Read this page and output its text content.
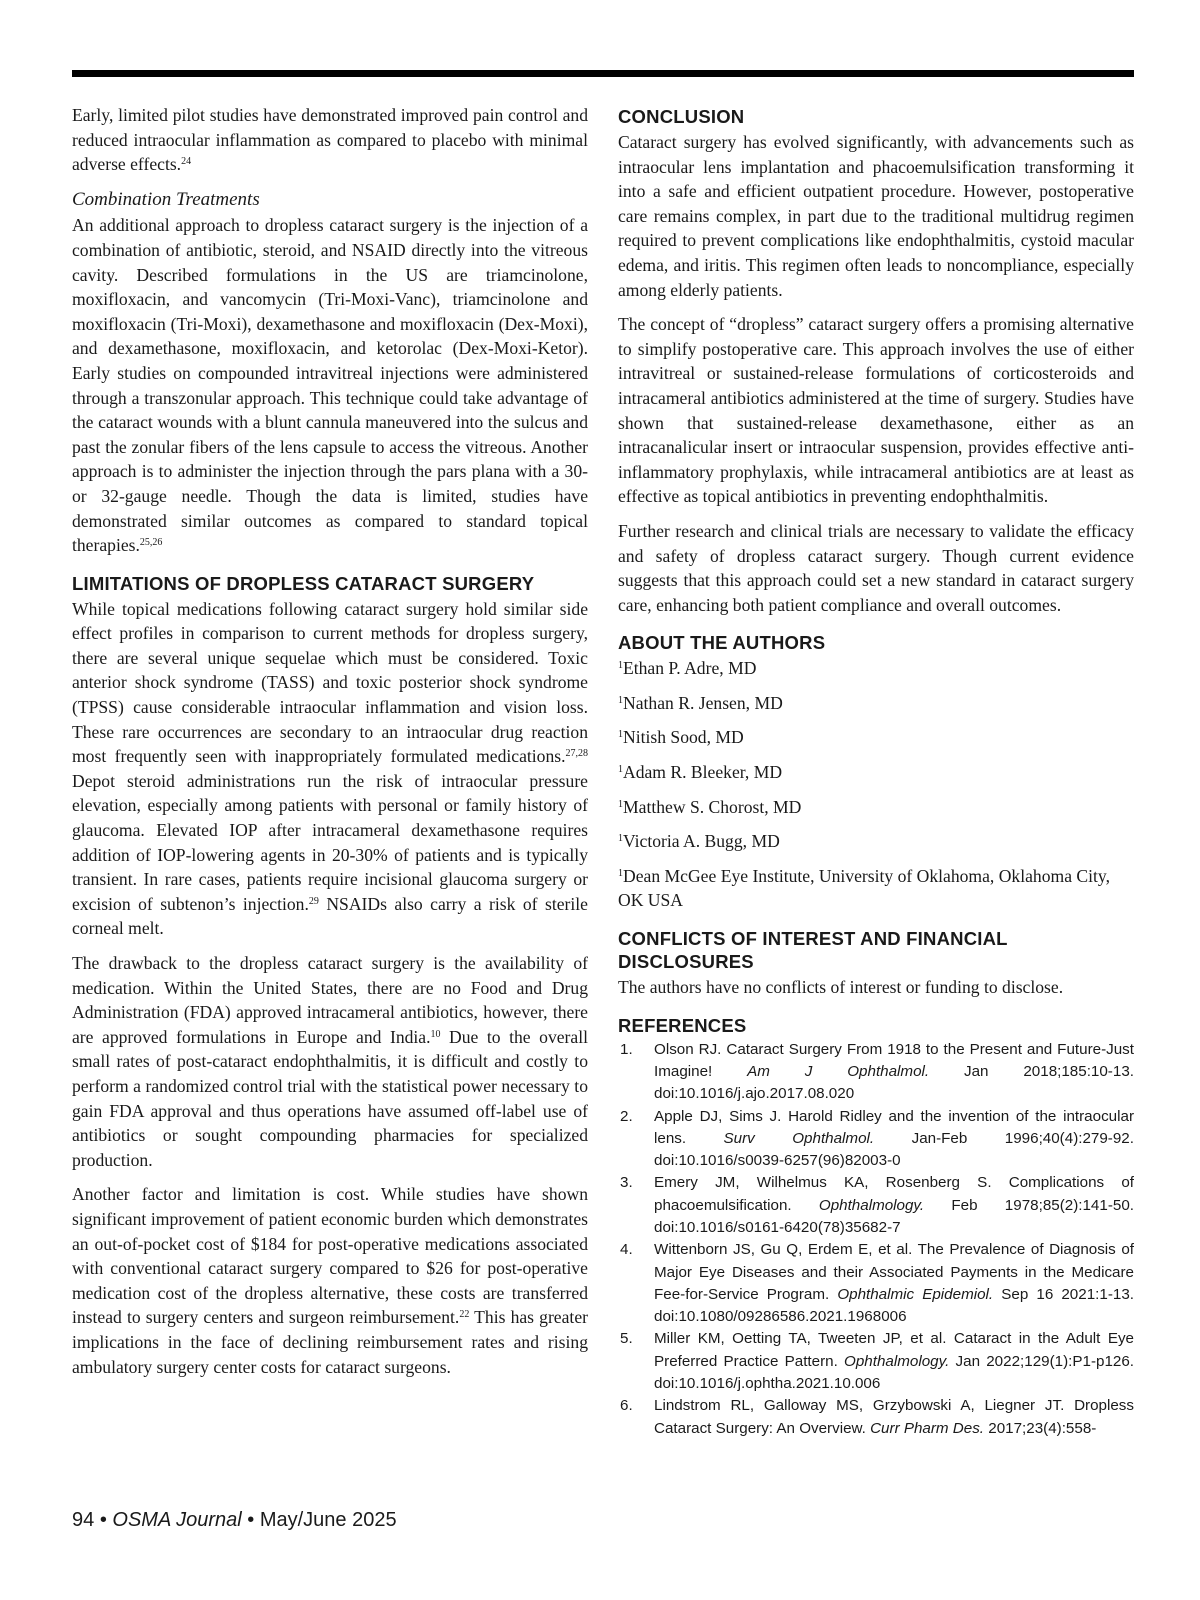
Early, limited pilot studies have demonstrated improved pain control and reduced intraocular inflammation as compared to placebo with minimal adverse effects.$^{24}$

Combination Treatments

An additional approach to dropless cataract surgery is the injection of a combination of antibiotic, steroid, and NSAID directly into the vitreous cavity. Described formulations in the US are triamcinolone, moxifloxacin, and vancomycin (Tri-Moxi-Vanc), triamcinolone and moxifloxacin (Tri-Moxi), dexamethasone and moxifloxacin (Dex-Moxi), and dexamethasone, moxifloxacin, and ketorolac (Dex-Moxi-Ketor). Early studies on compounded intravitreal injections were administered through a transzonular approach. This technique could take advantage of the cataract wounds with a blunt cannula maneuvered into the sulcus and past the zonular fibers of the lens capsule to access the vitreous. Another approach is to administer the injection through the pars plana with a 30- or 32-gauge needle. Though the data is limited, studies have demonstrated similar outcomes as compared to standard topical therapies.$^{25,26}$

LIMITATIONS OF DROPLESS CATARACT SURGERY

While topical medications following cataract surgery hold similar side effect profiles in comparison to current methods for dropless surgery, there are several unique sequelae which must be considered. Toxic anterior shock syndrome (TASS) and toxic posterior shock syndrome (TPSS) cause considerable intraocular inflammation and vision loss. These rare occurrences are secondary to an intraocular drug reaction most frequently seen with inappropriately formulated medications.$^{27,28}$ Depot steroid administrations run the risk of intraocular pressure elevation, especially among patients with personal or family history of glaucoma. Elevated IOP after intracameral dexamethasone requires addition of IOP-lowering agents in 20-30% of patients and is typically transient. In rare cases, patients require incisional glaucoma surgery or excision of subtenon’s injection.$^{29}$ NSAIDs also carry a risk of sterile corneal melt.

The drawback to the dropless cataract surgery is the availability of medication. Within the United States, there are no Food and Drug Administration (FDA) approved intracameral antibiotics, however, there are approved formulations in Europe and India.$^{10}$ Due to the overall small rates of post-cataract endophthalmitis, it is difficult and costly to perform a randomized control trial with the statistical power necessary to gain FDA approval and thus operations have assumed off-label use of antibiotics or sought compounding pharmacies for specialized production.

Another factor and limitation is cost. While studies have shown significant improvement of patient economic burden which demonstrates an out-of-pocket cost of $184 for post-operative medications associated with conventional cataract surgery compared to $26 for post-operative medication cost of the dropless alternative, these costs are transferred instead to surgery centers and surgeon reimbursement.$^{22}$ This has greater implications in the face of declining reimbursement rates and rising ambulatory surgery center costs for cataract surgeons.

CONCLUSION

Cataract surgery has evolved significantly, with advancements such as intraocular lens implantation and phacoemulsification transforming it into a safe and efficient outpatient procedure. However, postoperative care remains complex, in part due to the traditional multidrug regimen required to prevent complications like endophthalmitis, cystoid macular edema, and iritis. This regimen often leads to noncompliance, especially among elderly patients.

The concept of “dropless” cataract surgery offers a promising alternative to simplify postoperative care. This approach involves the use of either intravitreal or sustained-release formulations of corticosteroids and intracameral antibiotics administered at the time of surgery. Studies have shown that sustained-release dexamethasone, either as an intracanalicular insert or intraocular suspension, provides effective anti-inflammatory prophylaxis, while intracameral antibiotics are at least as effective as topical antibiotics in preventing endophthalmitis.

Further research and clinical trials are necessary to validate the efficacy and safety of dropless cataract surgery. Though current evidence suggests that this approach could set a new standard in cataract surgery care, enhancing both patient compliance and overall outcomes.

ABOUT THE AUTHORS

$^1$Ethan P. Adre, MD

$^1$Nathan R. Jensen, MD

$^1$Nitish Sood, MD

$^1$Adam R. Bleeker, MD

$^1$Matthew S. Chorost, MD

$^1$Victoria A. Bugg, MD

$^1$Dean McGee Eye Institute, University of Oklahoma, Oklahoma City, OK USA

CONFLICTS OF INTEREST AND FINANCIAL DISCLOSURES

The authors have no conflicts of interest or funding to disclose.

REFERENCES
1. Olson RJ. Cataract Surgery From 1918 to the Present and Future-Just Imagine! Am J Ophthalmol. Jan 2018;185:10-13. doi:10.1016/j.ajo.2017.08.020
2. Apple DJ, Sims J. Harold Ridley and the invention of the intraocular lens. Surv Ophthalmol. Jan-Feb 1996;40(4):279-92. doi:10.1016/s0039-6257(96)82003-0
3. Emery JM, Wilhelmus KA, Rosenberg S. Complications of phacoemulsification. Ophthalmology. Feb 1978;85(2):141-50. doi:10.1016/s0161-6420(78)35682-7
4. Wittenborn JS, Gu Q, Erdem E, et al. The Prevalence of Diagnosis of Major Eye Diseases and their Associated Payments in the Medicare Fee-for-Service Program. Ophthalmic Epidemiol. Sep 16 2021:1-13. doi:10.1080/09286586.2021.1968006
5. Miller KM, Oetting TA, Tweeten JP, et al. Cataract in the Adult Eye Preferred Practice Pattern. Ophthalmology. Jan 2022;129(1):P1-p126. doi:10.1016/j.ophtha.2021.10.006
6. Lindstrom RL, Galloway MS, Grzybowski A, Liegner JT. Dropless Cataract Surgery: An Overview. Curr Pharm Des. 2017;23(4):558-
94 • OSMA Journal • May/June 2025
